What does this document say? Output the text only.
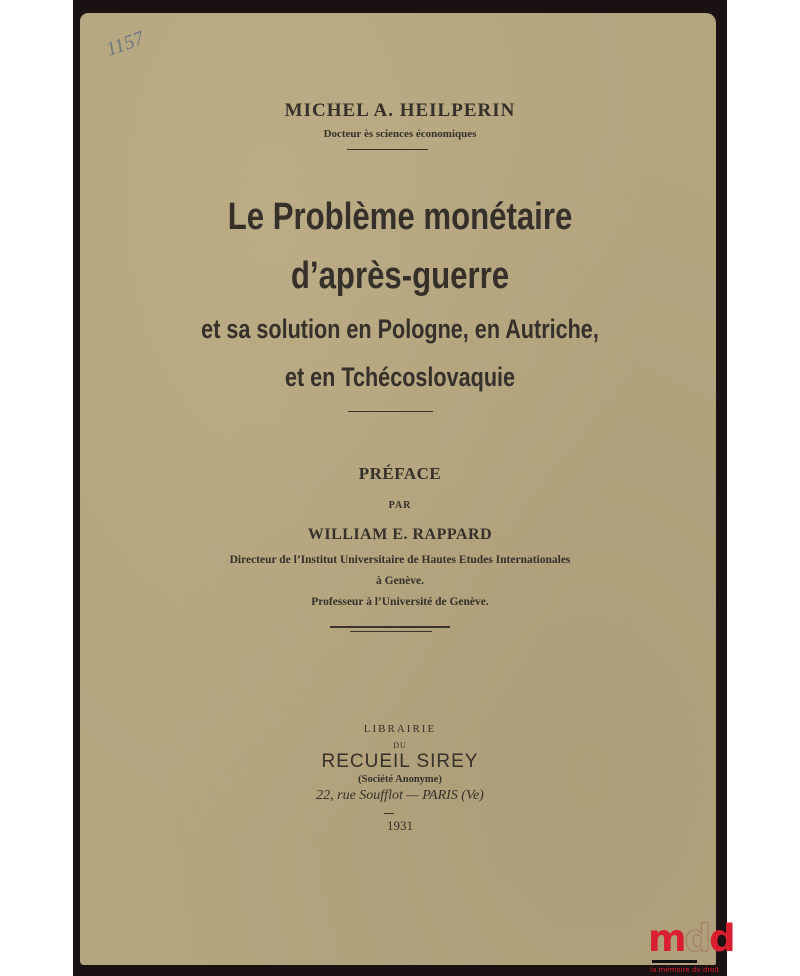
1157
MICHEL A. HEILPERIN
Docteur ès sciences économiques
Le Problème monétaire
d’après-guerre
et sa solution en Pologne, en Autriche,
et en Tchécoslovaquie
PRÉFACE
PAR
WILLIAM E. RAPPARD
Directeur de l’Institut Universitaire de Hautes Etudes Internationales
à Genève.
Professeur à l’Université de Genève.
LIBRAIRIE
DU
RECUEIL SIREY
(Société Anonyme)
22, rue Soufflot — PARIS (Ve)
1931
mdd
la mémoire du droit
